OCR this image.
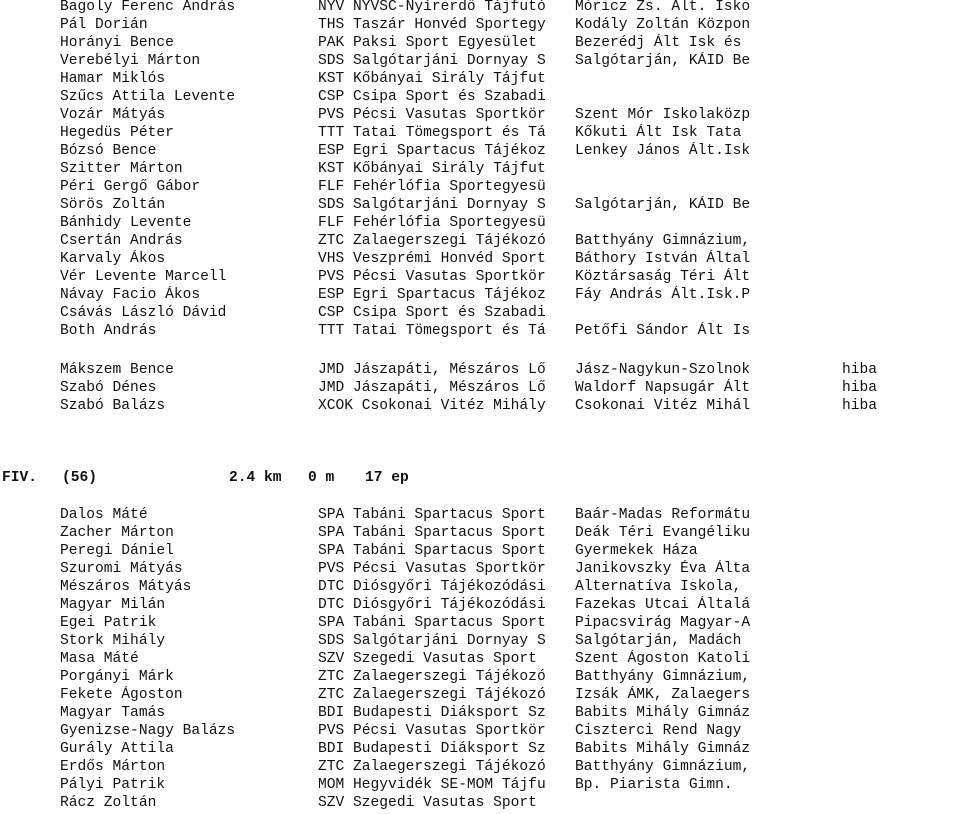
Bagoly Ferenc András	NYV NYVSC-Nyírerdő Tájfutó	Móricz Zs. Ált. Isko
Pál Dorián	THS Taszár Honvéd Sportegy	Kodály Zoltán Közpon
Horányi Bence	PAK Paksi Sport Egyesület	Bezerédj Ált Isk és
Verebélyi Márton	SDS Salgótarjáni Dornyay S	Salgótarján, KÁID Be
Hamar Miklós	KST Kőbányai Sirály Tájfut
Szűcs Attila Levente	CSP Csipa Sport és Szabadi
Vozár Mátyás	PVS Pécsi Vasutas Sportkör	Szent Mór Iskolaközp
Hegedüs Péter	TTT Tatai Tömegsport és Tá	Kőkuti Ált Isk Tata
Bózsó Bence	ESP Egri Spartacus Tájékoz	Lenkey János Ált.Isk
Szitter Márton	KST Kőbányai Sirály Tájfut
Péri Gergő Gábor	FLF Fehérlófia Sportegyesü
Sörös Zoltán	SDS Salgótarjáni Dornyay S	Salgótarján, KÁID Be
Bánhidy Levente	FLF Fehérlófia Sportegyesü
Csertán András	ZTC Zalaegerszegi Tájékozó	Batthyány Gimnázium,
Karvaly Ákos	VHS Veszprémi Honvéd Sport	Báthory István Által
Vér Levente Marcell	PVS Pécsi Vasutas Sportkör	Köztársaság Téri Ált
Návay Facio Ákos	ESP Egri Spartacus Tájékoz	Fáy András Ált.Isk.P
Csávás László Dávid	CSP Csipa Sport és Szabadi
Both András	TTT Tatai Tömegsport és Tá	Petőfi Sándor Ált Is
Mákszem Bence	JMD Jászapáti, Mészáros Lő	Jász-Nagykun-Szolnok	hiba
Szabó Dénes	JMD Jászapáti, Mészáros Lő	Waldorf Napsugár Ált	hiba
Szabó Balázs	XCOK Csokonai Vitéz Mihály	Csokonai Vitéz Mihál	hiba

FIV.

(56)

	2.4 km

0 m

17 ep

Dalos Máté	SPA Tabáni Spartacus Sport	Baár-Madas Reformátu
Zacher Márton	SPA Tabáni Spartacus Sport	Deák Téri Evangéliku
Peregi Dániel	SPA Tabáni Spartacus Sport	Gyermekek Háza
Szuromi Mátyás	PVS Pécsi Vasutas Sportkör	Janikovszky Éva Álta
Mészáros Mátyás	DTC Diósgyőri Tájékozódási	Alternatíva Iskola,
Magyar Milán	DTC Diósgyőri Tájékozódási	Fazekas Utcai Általá
Egei Patrik	SPA Tabáni Spartacus Sport	Pipacsvirág Magyar-A
Stork Mihály	SDS Salgótarjáni Dornyay S	Salgótarján, Madách
Masa Máté	SZV Szegedi Vasutas Sport	Szent Ágoston Katoli
Porgányi Márk	ZTC Zalaegerszegi Tájékozó	Batthyány Gimnázium,
Fekete Ágoston	ZTC Zalaegerszegi Tájékozó	Izsák ÁMK, Zalaegers
Magyar Tamás	BDI Budapesti Diáksport Sz	Babits Mihály Gimnáz
Gyenizse-Nagy Balázs	PVS Pécsi Vasutas Sportkör	Ciszterci Rend Nagy
Gurály Attila	BDI Budapesti Diáksport Sz	Babits Mihály Gimnáz
Erdős Márton	ZTC Zalaegerszegi Tájékozó	Batthyány Gimnázium,
Pályi Patrik	MOM Hegyvidék SE-MOM Tájfu	Bp. Piarista Gimn.
Rácz Zoltán	SZV Szegedi Vasutas Sport
